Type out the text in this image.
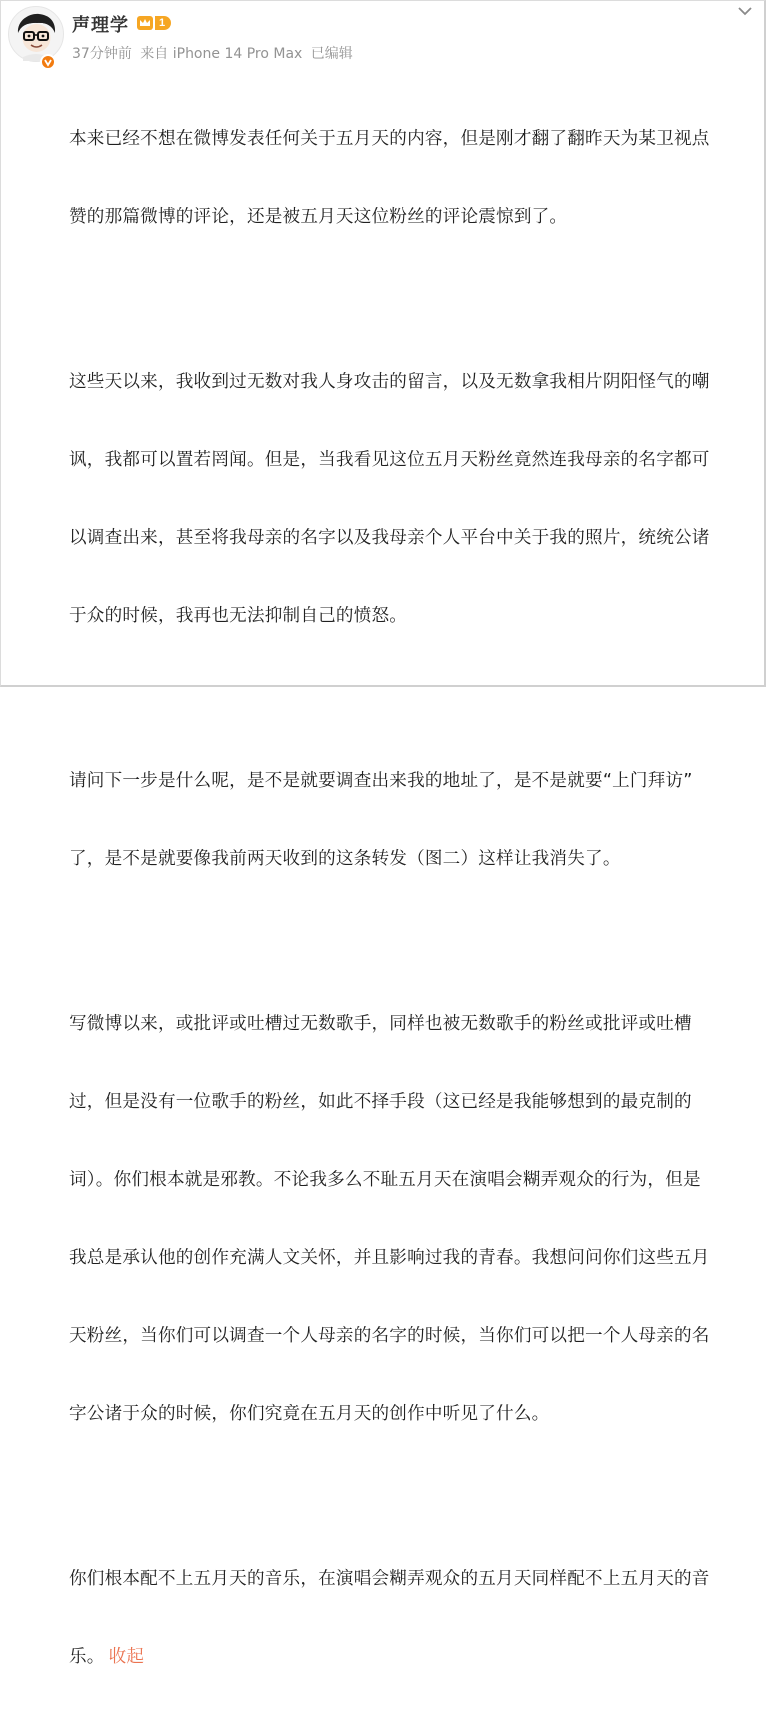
声理学	1
37分钟前 来自 iPhone 14 Pro Max 已编辑

本来已经不想在微博发表任何关于五月天的内容，但是刚才翻了翻昨天为某卫视点

赞的那篇微博的评论，还是被五月天这位粉丝的评论震惊到了。

这些天以来，我收到过无数对我人身攻击的留言，以及无数拿我相片阴阳怪气的嘲

讽，我都可以置若罔闻。但是，当我看见这位五月天粉丝竟然连我母亲的名字都可

以调查出来，甚至将我母亲的名字以及我母亲个人平台中关于我的照片，统统公诸

于众的时候，我再也无法抑制自己的愤怒。

请问下一步是什么呢，是不是就要调查出来我的地址了，是不是就要“上门拜访”

了，是不是就要像我前两天收到的这条转发（图二）这样让我消失了。

写微博以来，或批评或吐槽过无数歌手，同样也被无数歌手的粉丝或批评或吐槽

过，但是没有一位歌手的粉丝，如此不择手段（这已经是我能够想到的最克制的

词）。你们根本就是邪教。不论我多么不耻五月天在演唱会糊弄观众的行为，但是

我总是承认他的创作充满人文关怀，并且影响过我的青春。我想问问你们这些五月

天粉丝，当你们可以调查一个人母亲的名字的时候，当你们可以把一个人母亲的名

字公诸于众的时候，你们究竟在五月天的创作中听见了什么。

你们根本配不上五月天的音乐，在演唱会糊弄观众的五月天同样配不上五月天的音

乐。 收起
